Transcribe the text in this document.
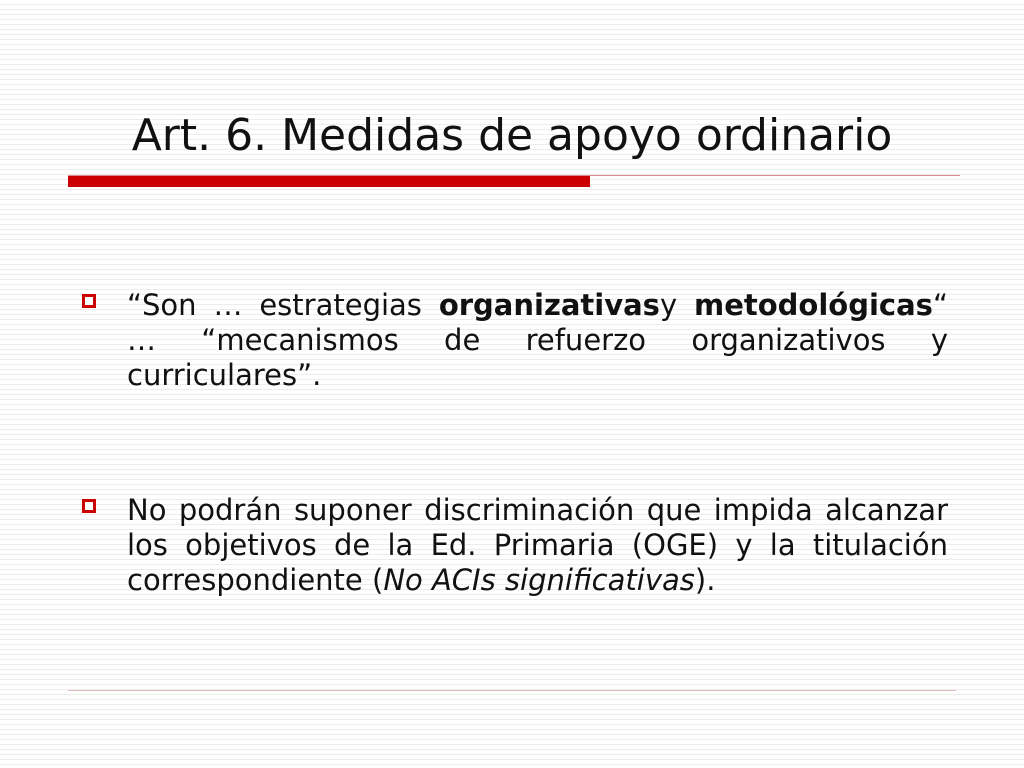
Art. 6. Medidas de apoyo ordinario
“Son … estrategias organizativasy metodológicas“ … “mecanismos de refuerzo organizativos y curriculares”.
No podrán suponer discriminación que impida alcanzar los objetivos de la Ed. Primaria (OGE) y la titulación correspondiente (No ACIs significativas).
